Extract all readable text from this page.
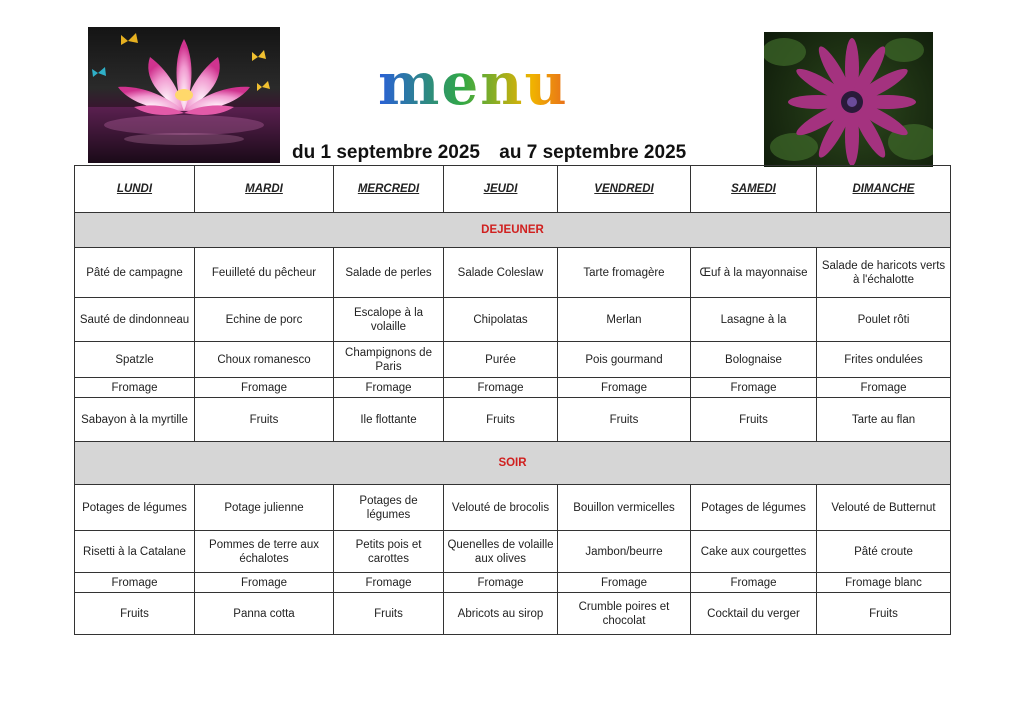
menu
du 1 septembre 2025 au 7 septembre 2025
LUNDI	MARDI	MERCREDI	JEUDI	VENDREDI	SAMEDI	DIMANCHE
DEJEUNER						
Pâté de campagne	Feuilleté du pêcheur	Salade de perles	Salade Coleslaw	Tarte fromagère	Œuf à la mayonnaise	Salade de haricots verts à l'échalotte
Sauté de dindonneau	Echine de porc	Escalope à la volaille	Chipolatas	Merlan	Lasagne à la	Poulet rôti
Spatzle	Choux romanesco	Champignons de Paris	Purée	Pois gourmand	Bolognaise	Frites ondulées
Fromage	Fromage	Fromage	Fromage	Fromage	Fromage	Fromage
Sabayon à la myrtille	Fruits	Ile flottante	Fruits	Fruits	Fruits	Tarte au flan
SOIR						
Potages de légumes	Potage julienne	Potages de légumes	Velouté de brocolis	Bouillon vermicelles	Potages de légumes	Velouté de Butternut
Risetti à la Catalane	Pommes de terre aux échalotes	Petits pois et carottes	Quenelles de volaille aux olives	Jambon/beurre	Cake aux courgettes	Pâté croute
Fromage	Fromage	Fromage	Fromage	Fromage	Fromage	Fromage blanc
Fruits	Panna cotta	Fruits	Abricots au sirop	Crumble poires et chocolat	Cocktail du verger	Fruits
